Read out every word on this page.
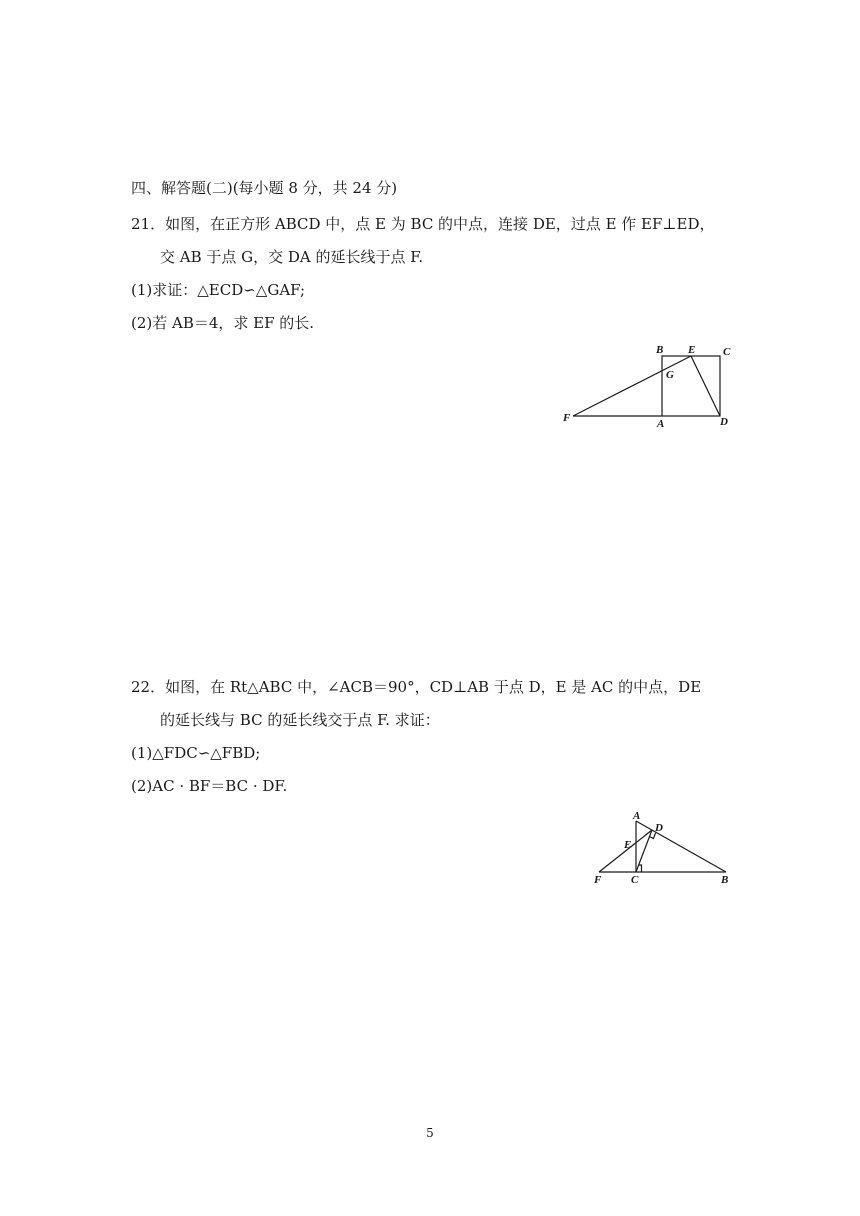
四、解答题(二)(每小题 8 分，共 24 分)
21．如图，在正方形 ABCD 中，点 E 为 BC 的中点，连接 DE，过点 E 作 EF⊥ED，
交 AB 于点 G，交 DA 的延长线于点 F.
(1)求证：△ECD∽△GAF;
(2)若 AB＝4，求 EF 的长.
B E	C
G
F	A	D
22．如图，在 Rt△ABC 中，∠ACB＝90°，CD⊥AB 于点 D，E 是 AC 的中点，DE
的延长线与 BC 的延长线交于点 F. 求证：
(1)△FDC∽△FBD;
(2)AC · BF＝BC · DF.
A
D
E
F	C	B
5
